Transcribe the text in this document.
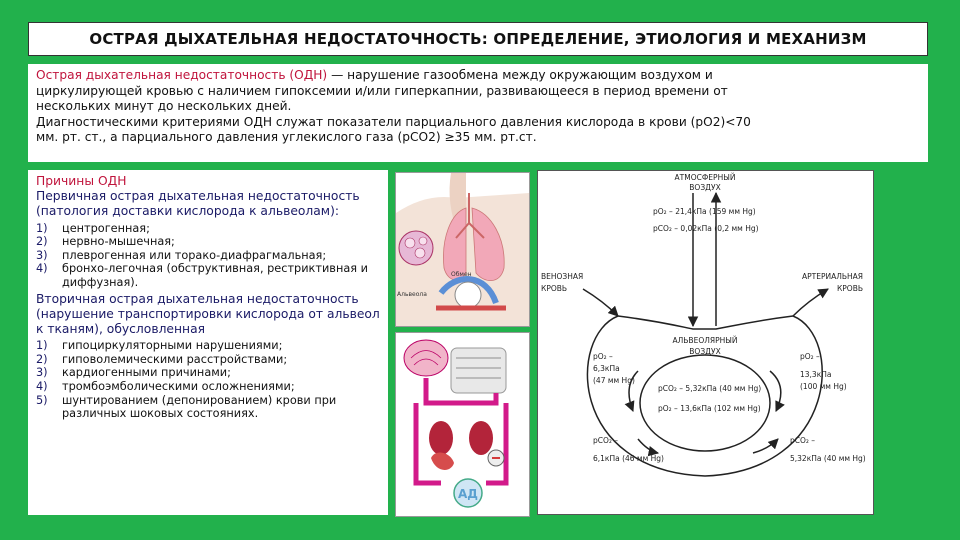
ОСТРАЯ ДЫХАТЕЛЬНАЯ НЕДОСТАТОЧНОСТЬ: ОПРЕДЕЛЕНИЕ, ЭТИОЛОГИЯ И МЕХАНИЗМ
Острая дыхательная недостаточность (ОДН) — нарушение газообмена между окружающим воздухом и
циркулирующей кровью с наличием гипоксемии и/или гиперкапнии, развивающееся в период времени от
нескольких минут до нескольких дней.
Диагностическими критериями ОДН служат показатели парциального давления кислорода в крови (рО2)<70
мм. рт. ст., а парциального давления углекислого газа (рСО2) ≥35 мм. рт.ст.
Причины ОДН
Первичная острая дыхательная недостаточность (патология доставки кислорода к альвеолам):
1) центрогенная;
2) нервно-мышечная;
3) плеврогенная или торако-диафрагмальная;
4) бронхо-легочная (обструктивная, рестриктивная и диффузная).
Вторичная острая дыхательная недостаточность (нарушение транспортировки кислорода от альвеол к тканям), обусловленная
1) гипоциркуляторными нарушениями;
2) гиповолемическими расстройствами;
3) кардиогенными причинами;
4) тромбоэмболическими осложнениями;
5) шунтированием (депонированием) крови при различных шоковых состояниях.
Обмен
Альвеола
АД
АТМОСФЕРНЫЙ
ВОЗДУХ
pO₂ – 21,4кПа (159 мм Hg)
pCO₂ – 0,02кПа (0,2 мм Hg)
ВЕНОЗНАЯ
КРОВЬ
АРТЕРИАЛЬНАЯ
КРОВЬ
АЛЬВЕОЛЯРНЫЙ
ВОЗДУХ
pCO₂ – 5,32кПа (40 мм Hg)
pO₂ – 13,6кПа (102 мм Hg)
pO₂ –
6,3кПа
(47 мм Hg)
pO₂ –
13,3кПа
(100 мм Hg)
pCO₂ –
6,1кПа (46 мм Hg)
pCO₂ –
5,32кПа (40 мм Hg)
